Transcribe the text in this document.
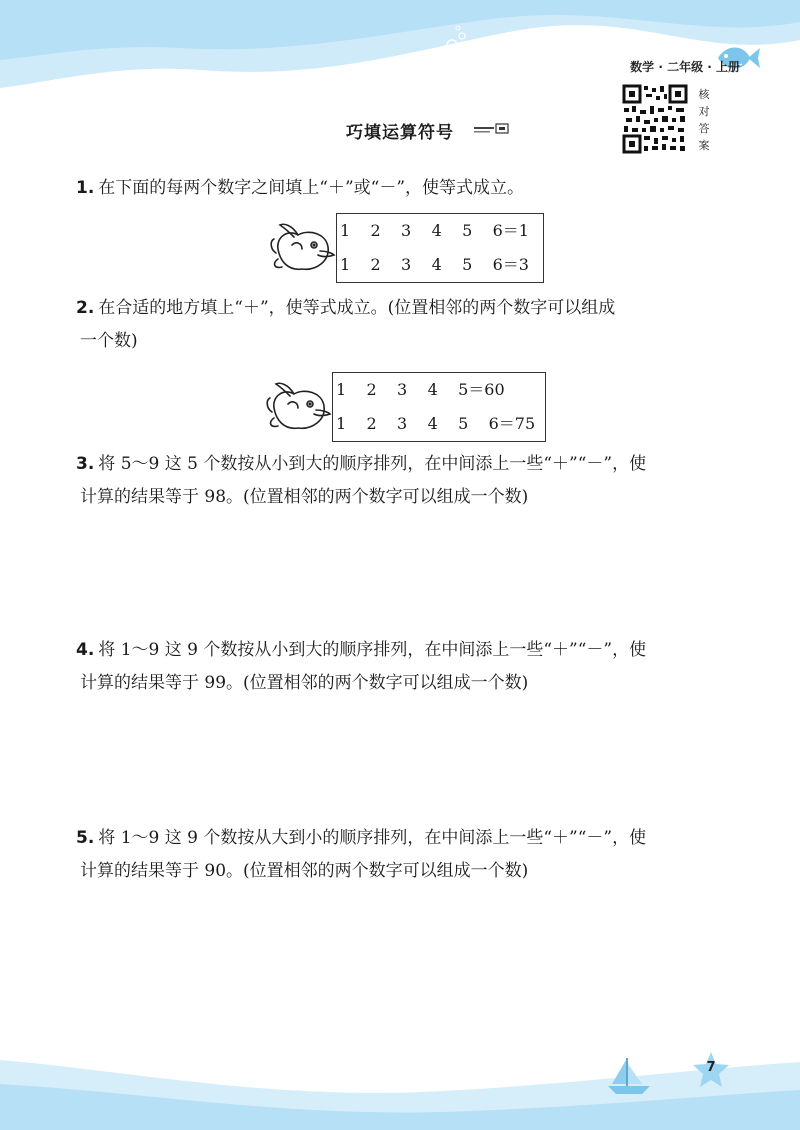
数学 · 二年级 · 上册
核
对
答
案
巧填运算符号
1. 在下面的每两个数字之间填上“＋”或“－”，使等式成立。
1    2    3    4    5    6＝1
1    2    3    4    5    6＝3
2. 在合适的地方填上“＋”，使等式成立。(位置相邻的两个数字可以组成
一个数)
1    2    3    4    5＝60
1    2    3    4    5    6＝75
3. 将 5～9 这 5 个数按从小到大的顺序排列，在中间添上一些“＋”“－”，使
计算的结果等于 98。(位置相邻的两个数字可以组成一个数)
4. 将 1～9 这 9 个数按从小到大的顺序排列，在中间添上一些“＋”“－”，使
计算的结果等于 99。(位置相邻的两个数字可以组成一个数)
5. 将 1～9 这 9 个数按从大到小的顺序排列，在中间添上一些“＋”“－”，使
计算的结果等于 90。(位置相邻的两个数字可以组成一个数)
7
